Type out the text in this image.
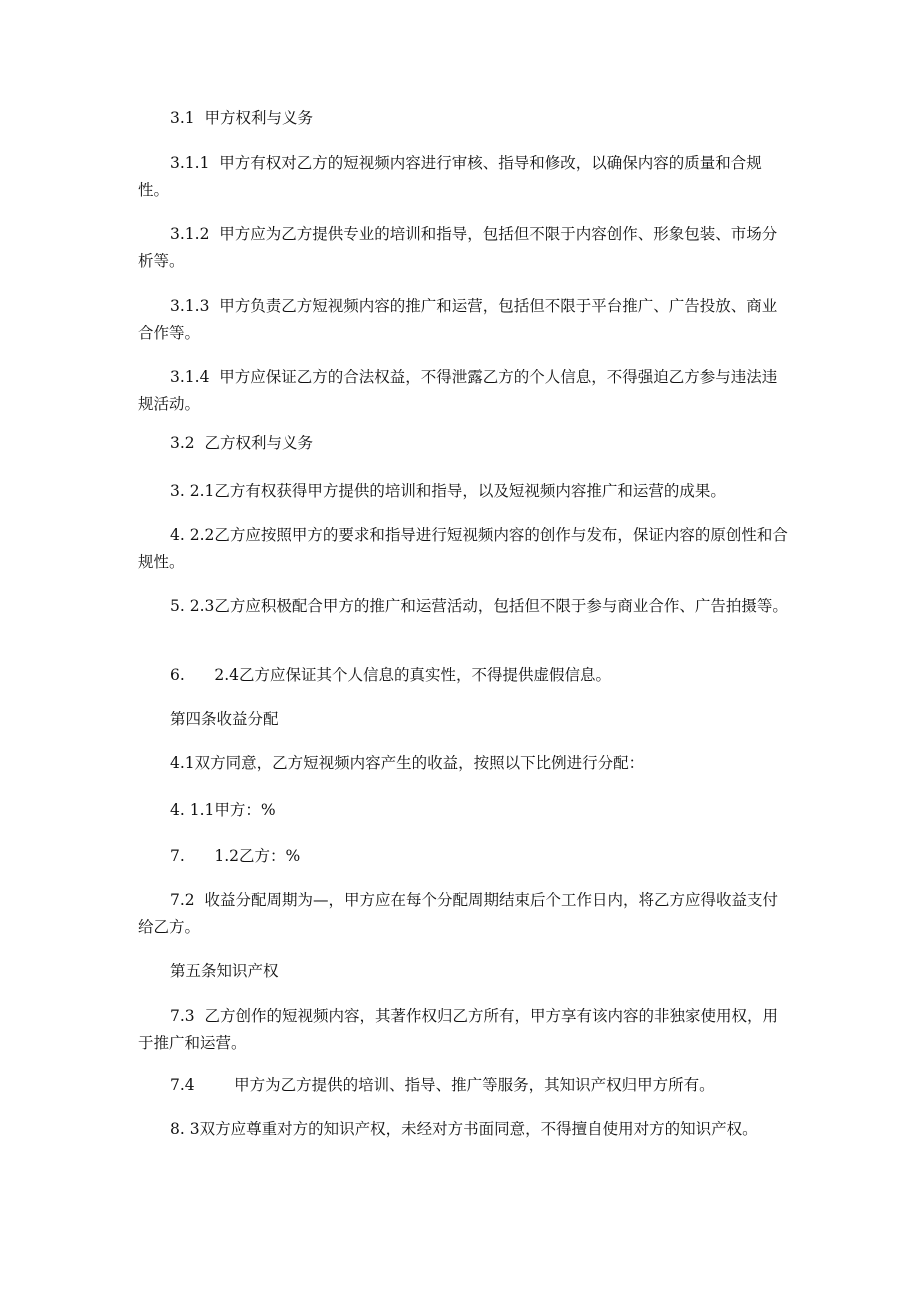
3.1  甲方权利与义务

3.1.1  甲方有权对乙方的短视频内容进行审核、指导和修改，以确保内容的质量和合规性。

3.1.2  甲方应为乙方提供专业的培训和指导，包括但不限于内容创作、形象包装、市场分析等。

3.1.3  甲方负责乙方短视频内容的推广和运营，包括但不限于平台推广、广告投放、商业合作等。

3.1.4  甲方应保证乙方的合法权益，不得泄露乙方的个人信息，不得强迫乙方参与违法违规活动。

3.2  乙方权利与义务

3. 2.1乙方有权获得甲方提供的培训和指导，以及短视频内容推广和运营的成果。

4. 2.2乙方应按照甲方的要求和指导进行短视频内容的创作与发布，保证内容的原创性和合规性。

5. 2.3乙方应积极配合甲方的推广和运营活动，包括但不限于参与商业合作、广告拍摄等。

6.      2.4乙方应保证其个人信息的真实性，不得提供虚假信息。

第四条收益分配

4.1双方同意，乙方短视频内容产生的收益，按照以下比例进行分配：

4. 1.1甲方：%

7.      1.2乙方：%

7.2  收益分配周期为—，甲方应在每个分配周期结束后个工作日内，将乙方应得收益支付给乙方。

第五条知识产权

7.3  乙方创作的短视频内容，其著作权归乙方所有，甲方享有该内容的非独家使用权，用于推广和运营。

7.4        甲方为乙方提供的培训、指导、推广等服务，其知识产权归甲方所有。

8. 3双方应尊重对方的知识产权，未经对方书面同意，不得擅自使用对方的知识产权。
